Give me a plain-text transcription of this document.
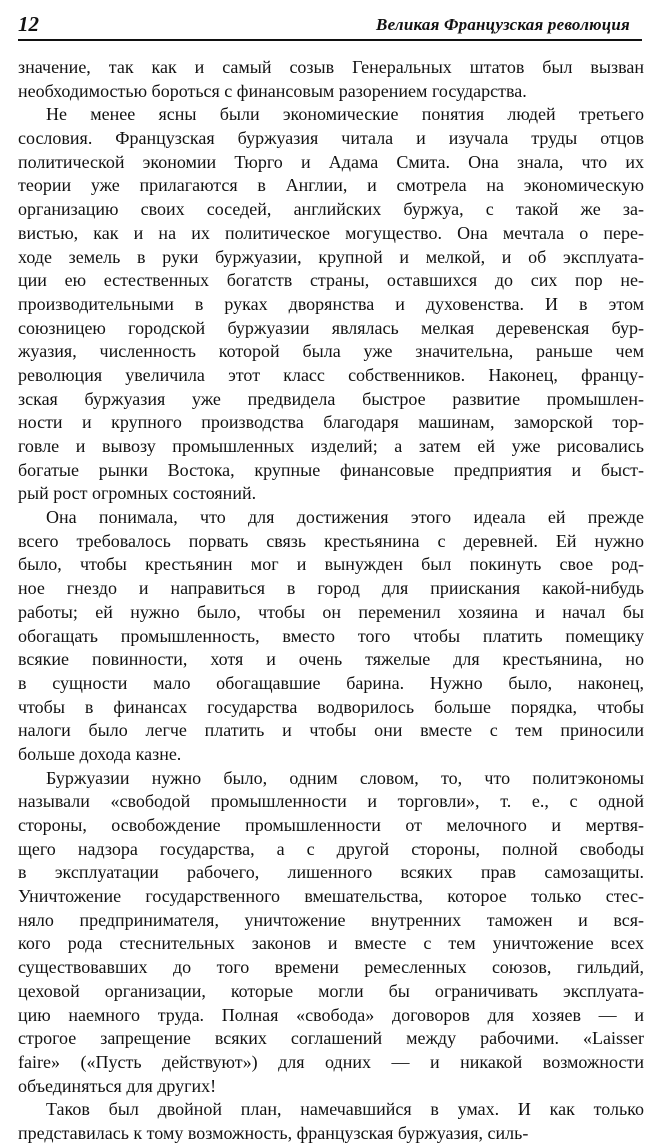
12	Великая Французская революция
значение, так как и самый созыв Генеральных штатов был вызван
необходимостью бороться с финансовым разорением государства.
Не менее ясны были экономические понятия людей третьего
сословия. Французская буржуазия читала и изучала труды отцов
политической экономии Тюрго и Адама Смита. Она знала, что их
теории уже прилагаются в Англии, и смотрела на экономическую
организацию своих соседей, английских буржуа, с такой же за-
вистью, как и на их политическое могущество. Она мечтала о пере-
ходе земель в руки буржуазии, крупной и мелкой, и об эксплуата-
ции ею естественных богатств страны, оставшихся до сих пор не-
производительными в руках дворянства и духовенства. И в этом
союзницею городской буржуазии являлась мелкая деревенская бур-
жуазия, численность которой была уже значительна, раньше чем
революция увеличила этот класс собственников. Наконец, францу-
зская буржуазия уже предвидела быстрое развитие промышлен-
ности и крупного производства благодаря машинам, заморской тор-
говле и вывозу промышленных изделий; а затем ей уже рисовались
богатые рынки Востока, крупные финансовые предприятия и быст-
рый рост огромных состояний.
Она понимала, что для достижения этого идеала ей прежде
всего требовалось порвать связь крестьянина с деревней. Ей нужно
было, чтобы крестьянин мог и вынужден был покинуть свое род-
ное гнездо и направиться в город для приискания какой-нибудь
работы; ей нужно было, чтобы он переменил хозяина и начал бы
обогащать промышленность, вместо того чтобы платить помещику
всякие повинности, хотя и очень тяжелые для крестьянина, но
в сущности мало обогащавшие барина. Нужно было, наконец,
чтобы в финансах государства водворилось больше порядка, чтобы
налоги было легче платить и чтобы они вместе с тем приносили
больше дохода казне.
Буржуазии нужно было, одним словом, то, что политэкономы
называли «свободой промышленности и торговли», т. е., с одной
стороны, освобождение промышленности от мелочного и мертвя-
щего надзора государства, а с другой стороны, полной свободы
в эксплуатации рабочего, лишенного всяких прав самозащиты.
Уничтожение государственного вмешательства, которое только стес-
няло предпринимателя, уничтожение внутренних таможен и вся-
кого рода стеснительных законов и вместе с тем уничтожение всех
существовавших до того времени ремесленных союзов, гильдий,
цеховой организации, которые могли бы ограничивать эксплуата-
цию наемного труда. Полная «свобода» договоров для хозяев — и
строгое запрещение всяких соглашений между рабочими. «Laisser
faire» («Пусть действуют») для одних — и никакой возможности
объединяться для других!
Таков был двойной план, намечавшийся в умах. И как только
представилась к тому возможность, французская буржуазия, силь-
